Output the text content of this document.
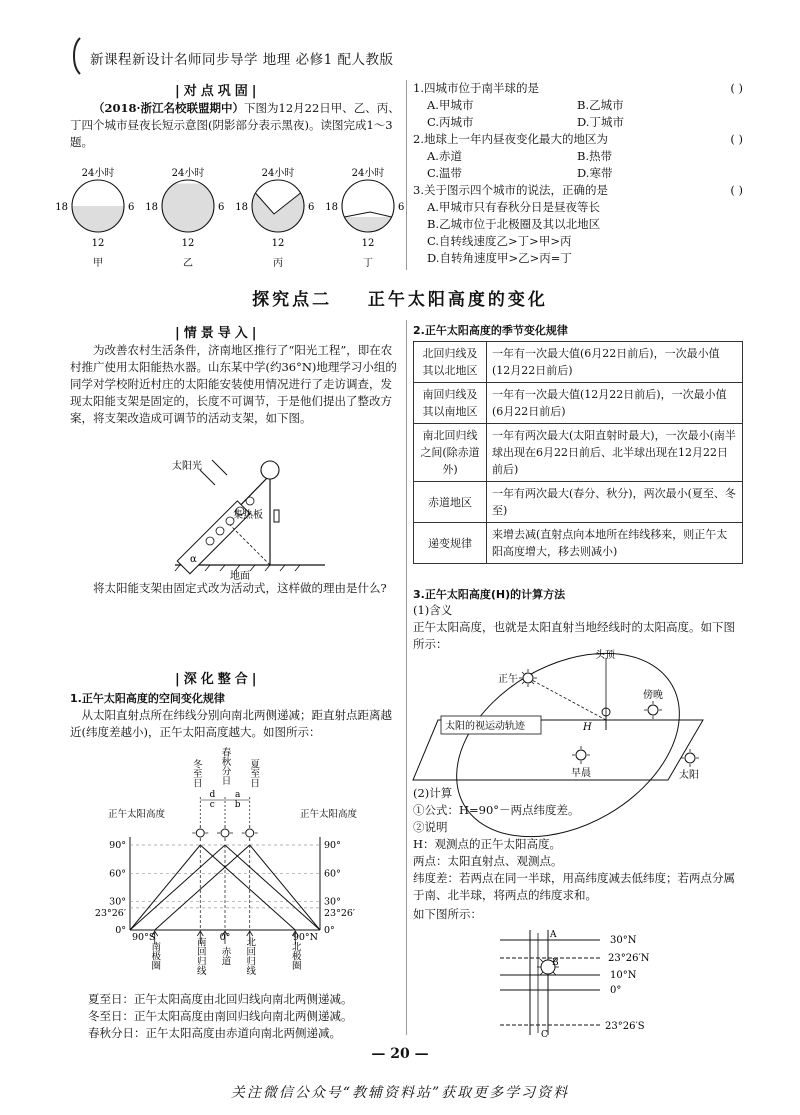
新课程新设计名师同步导学 地理 必修1 配人教版
|对点巩固|
（2018·浙江名校联盟期中）下图为12月22日甲、乙、丙、丁四个城市昼夜长短示意图(阴影部分表示黑夜)。读图完成1～3题。
24小时
18	6
12
甲
24小时
18	6
12
乙
24小时
18	6
12
丙
24小时
18	6
12
丁
1.四城市位于南半球的是	( )
A.甲城市	B.乙城市
C.丙城市	D.丁城市
2.地球上一年内昼夜变化最大的地区为	( )
A.赤道	B.热带
C.温带	D.寒带
3.关于图示四个城市的说法，正确的是	( )
A.甲城市只有春秋分日是昼夜等长
B.乙城市位于北极圈及其以北地区
C.自转线速度乙>丁>甲>丙
D.自转角速度甲>乙>丙=丁
探究点二    正午太阳高度的变化
|情景导入|
为改善农村生活条件，济南地区推行了“阳光工程”，即在农村推广使用太阳能热水器。山东某中学(约36°N)地理学习小组的同学对学校附近村庄的太阳能安装使用情况进行了走访调查，发现太阳能支架是固定的，长度不可调节，于是他们提出了整改方案，将支架改造成可调节的活动支架，如下图。
太阳光
集热板
地面
α
将太阳能支架由固定式改为活动式，这样做的理由是什么?
|深化整合|
1.正午太阳高度的空间变化规律
从太阳直射点所在纬线分别向南北两侧递减；距直射点距离越近(纬度差越小)，正午太阳高度越大。如图所示：
正午太阳高度	正午太阳高度
90°	90°
60°	60°
30°	30°
23°26′	23°26′
0°	0°
90°S	90°N
0°
南极圈	南回归线 赤道 北回归线	北极圈
冬至日 春秋分日 夏至日
d a
c b
夏至日：正午太阳高度由北回归线向南北两侧递减。
冬至日：正午太阳高度由南回归线向南北两侧递减。
春秋分日：正午太阳高度由赤道向南北两侧递减。
2.正午太阳高度的季节变化规律
北回归线及其以北地区	一年有一次最大值(6月22日前后)，一次最小值(12月22日前后)
南回归线及其以南地区	一年有一次最大值(12月22日前后)，一次最小值(6月22日前后)
南北回归线之间(除赤道外)	一年有两次最大(太阳直射时最大)，一次最小(南半球出现在6月22日前后、北半球出现在12月22日前后)
赤道地区	一年有两次最大(春分、秋分)，两次最小(夏至、冬至)
递变规律	来增去减(直射点向本地所在纬线移来，则正午太阳高度增大，移去则减小)
3.正午太阳高度(H)的计算方法
(1)含义
正午太阳高度，也就是太阳直射当地经线时的太阳高度。如下图所示：
太阳的视运动轨迹
头顶
正午
傍晚
早晨	太阳
H
(2)计算
①公式：H=90°－两点纬度差。
②说明
H：观测点的正午太阳高度。
两点：太阳直射点、观测点。
纬度差：若两点在同一半球，用高纬度减去低纬度；若两点分属于南、北半球，将两点的纬度求和。
如下图所示：
30°N
23°26′N
10°N
0°
23°26′S
A
B
C
— 20 —
关注微信公众号“教辅资料站”获取更多学习资料
